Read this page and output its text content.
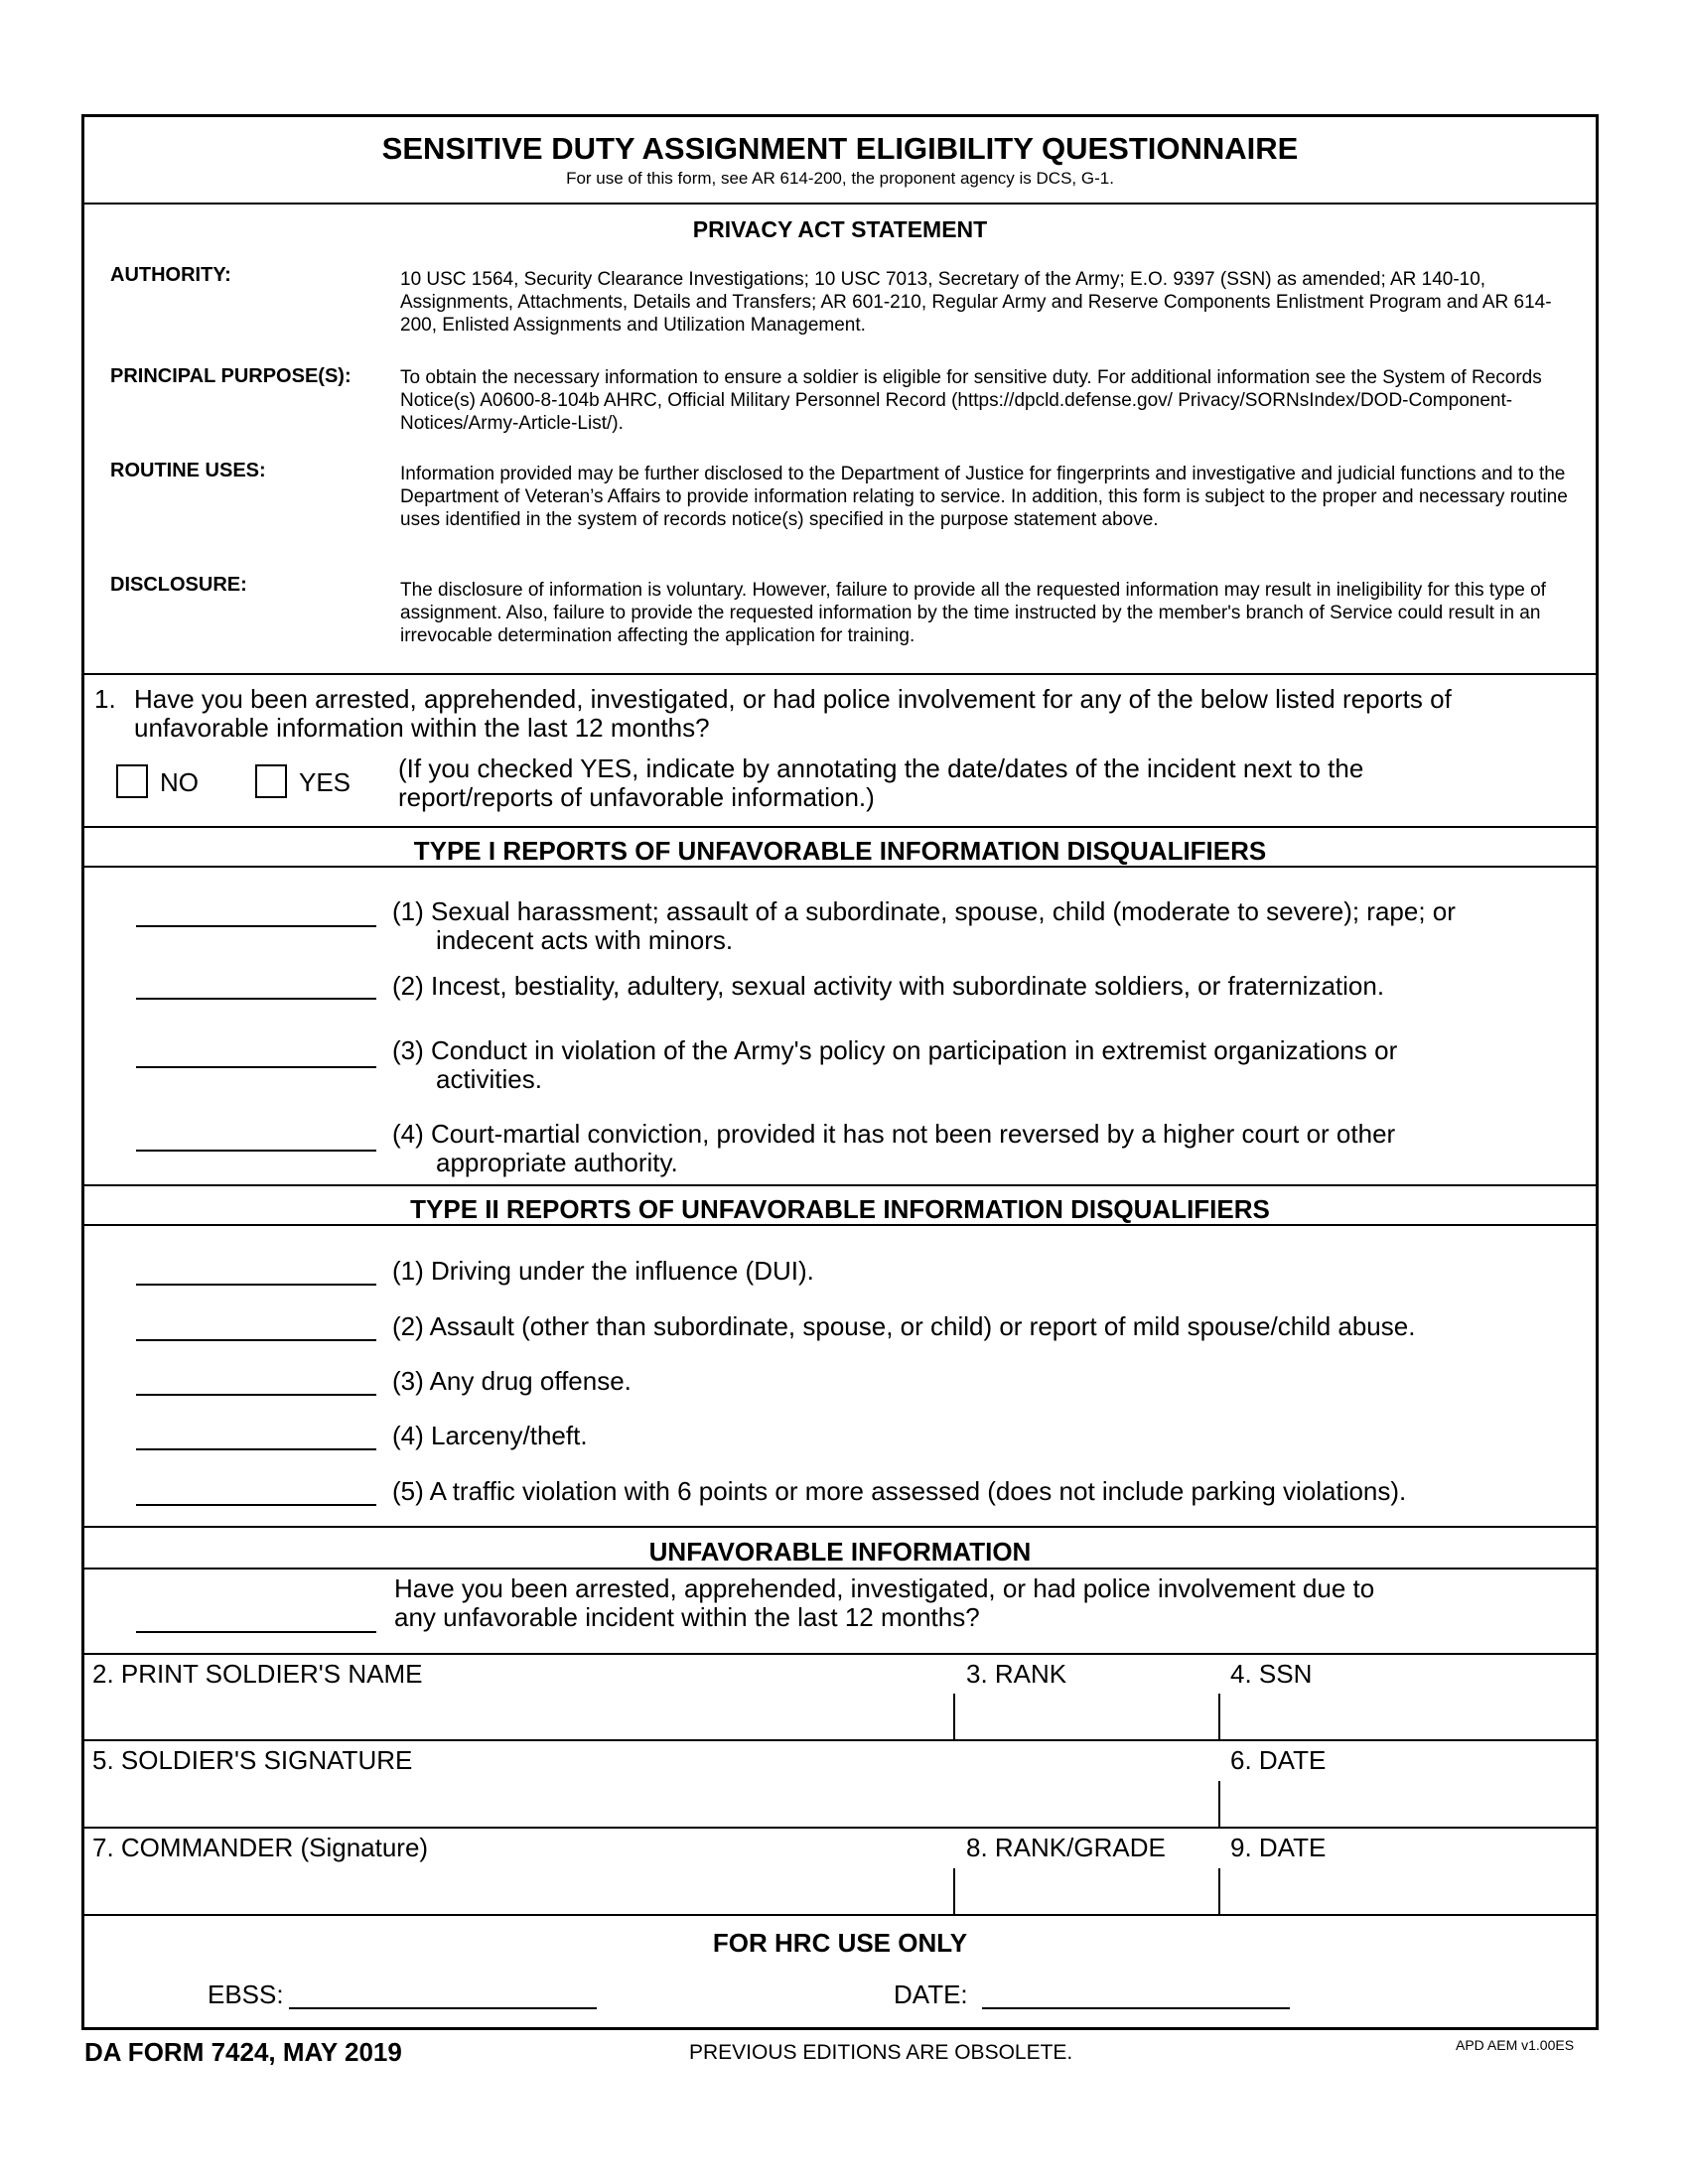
SENSITIVE DUTY ASSIGNMENT ELIGIBILITY QUESTIONNAIRE
For use of this form, see AR 614-200, the proponent agency is DCS, G-1.
PRIVACY ACT STATEMENT
AUTHORITY:	10 USC 1564, Security Clearance Investigations; 10 USC 7013, Secretary of the Army; E.O. 9397 (SSN) as amended; AR 140-10, Assignments, Attachments, Details and Transfers; AR 601-210, Regular Army and Reserve Components Enlistment Program and AR 614-200, Enlisted Assignments and Utilization Management.
PRINCIPAL PURPOSE(S):	To obtain the necessary information to ensure a soldier is eligible for sensitive duty. For additional information see the System of Records Notice(s) A0600-8-104b AHRC, Official Military Personnel Record (https://dpcld.defense.gov/ Privacy/SORNsIndex/DOD-Component-Notices/Army-Article-List/).
ROUTINE USES:	Information provided may be further disclosed to the Department of Justice for fingerprints and investigative and judicial functions and to the Department of Veteran’s Affairs to provide information relating to service. In addition, this form is subject to the proper and necessary routine uses identified in the system of records notice(s) specified in the purpose statement above.
DISCLOSURE:	The disclosure of information is voluntary. However, failure to provide all the requested information may result in ineligibility for this type of assignment. Also, failure to provide the requested information by the time instructed by the member's branch of Service could result in an irrevocable determination affecting the application for training.
1. Have you been arrested, apprehended, investigated, or had police involvement for any of the below listed reports of unfavorable information within the last 12 months?
NO	YES (If you checked YES, indicate by annotating the date/dates of the incident next to the report/reports of unfavorable information.)
TYPE I REPORTS OF UNFAVORABLE INFORMATION DISQUALIFIERS
(1) Sexual harassment; assault of a subordinate, spouse, child (moderate to severe); rape; or
indecent acts with minors.
(2) Incest, bestiality, adultery, sexual activity with subordinate soldiers, or fraternization.
(3) Conduct in violation of the Army's policy on participation in extremist organizations or
activities.
(4) Court-martial conviction, provided it has not been reversed by a higher court or other
appropriate authority.
TYPE II REPORTS OF UNFAVORABLE INFORMATION DISQUALIFIERS
(1) Driving under the influence (DUI).
(2) Assault (other than subordinate, spouse, or child) or report of mild spouse/child abuse.
(3) Any drug offense.
(4) Larceny/theft.
(5) A traffic violation with 6 points or more assessed (does not include parking violations).
UNFAVORABLE INFORMATION
Have you been arrested, apprehended, investigated, or had police involvement due to
any unfavorable incident within the last 12 months?
2. PRINT SOLDIER'S NAME	3. RANK	4. SSN
5. SOLDIER'S SIGNATURE	6. DATE
7. COMMANDER (Signature)	8. RANK/GRADE	9. DATE
FOR HRC USE ONLY
EBSS:	DATE:
DA FORM 7424, MAY 2019	PREVIOUS EDITIONS ARE OBSOLETE.	APD AEM v1.00ES
